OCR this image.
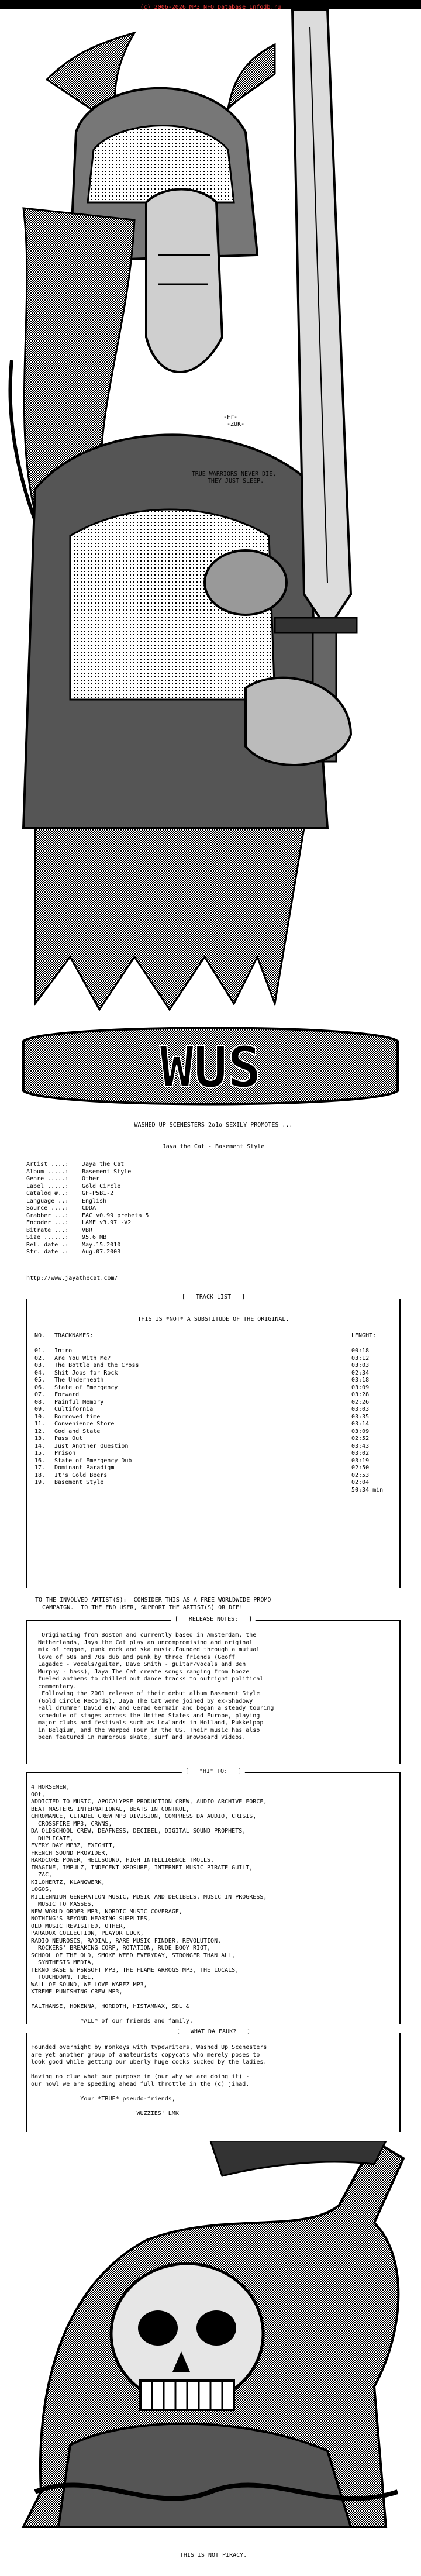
(c) 2006-2026 MP3 NFO Database Infodb.ru
-Fr- -ZUK-
TRUE WARRIORS NEVER DIE, THEY JUST SLEEP.
WUS
WASHED UP SCENESTERS 2o1o SEXILY PROMOTES ...
Jaya the Cat - Basement Style
Artist ....:	Jaya the Cat
Album .....:	Basement Style
Genre .....:	Other
Label .....:	Gold Circle
Catalog #..:	GF-P5B1-2
Language ..:	English
Source ....:	CDDA
Grabber ...:	EAC v0.99 prebeta 5
Encoder ...:	LAME v3.97 -V2
Bitrate ...:	VBR
Size ......:	95.6 MB
Rel. date .:	May.15.2010
Str. date .:	Aug.07.2003
http://www.jayathecat.com/
[   TRACK LIST   ]
THIS IS *NOT* A SUBSTITUDE OF THE ORIGINAL.
NO.	TRACKNAMES:	LENGHT:
01.	Intro	00:18
02.	Are You With Me?	03:12
03.	The Bottle and the Cross	03:03
04.	Shit Jobs for Rock	02:34
05.	The Underneath	03:18
06.	State of Emergency	03:09
07.	Forward	03:28
08.	Painful Memory	02:26
09.	Cultifornia	03:03
10.	Borrowed time	03:35
11.	Convenience Store	03:14
12.	God and State	03:09
13.	Pass Out	02:52
14.	Just Another Question	03:43
15.	Prison	03:02
16.	State of Emergency Dub	03:19
17.	Dominant Paradigm	02:50
18.	It's Cold Beers	02:53
19.	Basement Style	02:04
50:34 min
TO THE INVOLVED ARTIST(S):  CONSIDER THIS AS A FREE WORLDWIDE PROMO
CAMPAIGN.  TO THE END USER, SUPPORT THE ARTIST(S) OR DIE!
[   RELEASE NOTES:   ]
Originating from Boston and currently based in Amsterdam, the
Netherlands, Jaya the Cat play an uncompromising and original
mix of reggae, punk rock and ska music.Founded through a mutual
love of 60s and 70s dub and punk by three friends (Geoff
Lagadec - vocals/guitar, Dave Smith - guitar/vocals and Ben
Murphy - bass), Jaya The Cat create songs ranging from booze
fueled anthems to chilled out dance tracks to outright political
commentary.
Following the 2001 release of their debut album Basement Style
(Gold Circle Records), Jaya The Cat were joined by ex-Shadowy
Fall drummer David eTw and Gerad Germain and began a steady touring
schedule of stages across the United States and Europe, playing
major clubs and festivals such as Lowlands in Holland, Pukkelpop
in Belgium, and the Warped Tour in the US. Their music has also
been featured in numerous skate, surf and snowboard videos.
[   "HI" TO:   ]
4 HORSEMEN,
OOt,
ADDICTED TO MUSIC, APOCALYPSE PRODUCTION CREW, AUDIO ARCHIVE FORCE,
BEAT MASTERS INTERNATIONAL, BEATS IN CONTROL,
CHROMANCE, CITADEL CREW MP3 DIVISION, COMPRESS DA AUDIO, CRISIS,
CROSSFIRE MP3, CRWNS,
DA OLDSCHOOL CREW, DEAFNESS, DECIBEL, DIGITAL SOUND PROPHETS,
DUPLICATE,
EVERY DAY MP3Z, EXIGHIT,
FRENCH SOUND PROVIDER,
HARDCORE POWER, HELLSOUND, HIGH INTELLIGENCE TROLLS,
IMAGINE, IMPULZ, INDECENT XPOSURE, INTERNET MUSIC PIRATE GUILT,
ZAC,
KILOHERTZ, KLANGWERK,
LOGOS,
MILLENNIUM GENERATION MUSIC, MUSIC AND DECIBELS, MUSIC IN PROGRESS,
MUSIC TO MASSES,
NEW WORLD ORDER MP3, NORDIC MUSIC COVERAGE,
NOTHING'S BEYOND HEARING SUPPLIES,
OLD MUSIC REVISITED, OTHER,
PARADOX COLLECTION, PLAYOR LUCK,
RADIO NEUROSIS, RADIAL, RARE MUSIC FINDER, REVOLUTION,
ROCKERS' BREAKING CORP, ROTATION, RUDE BOOY RIOT,
SCHOOL OF THE OLD, SMOKE WEED EVERYDAY, STRONGER THAN ALL,
SYNTHESIS MEDIA,
TEKNO BASE & PSNSOFT MP3, THE FLAME ARROGS MP3, THE LOCALS,
TOUCHDOWN, TUEI,
WALL OF SOUND, WE LOVE WAREZ MP3,
XTREME PUNISHING CREW MP3,

FALTHANSE, HOKENNA, HORDOTH, HISTAMNAX, SDL &

*ALL* of our friends and family.
[   WHAT DA FAUK?   ]
Founded overnight by monkeys with typewriters, Washed Up Scenesters
are yet another group of amateurists copycats who merely poses to
look good while getting our uberly huge cocks sucked by the ladies.

Having no clue what our purpose in (our why we are doing it) -
our howl we are speeding ahead full throttle in the (c) jihad.

Your *TRUE* pseudo-friends,

WUZZIES' LMK
THIS IS NOT PIRACY.
